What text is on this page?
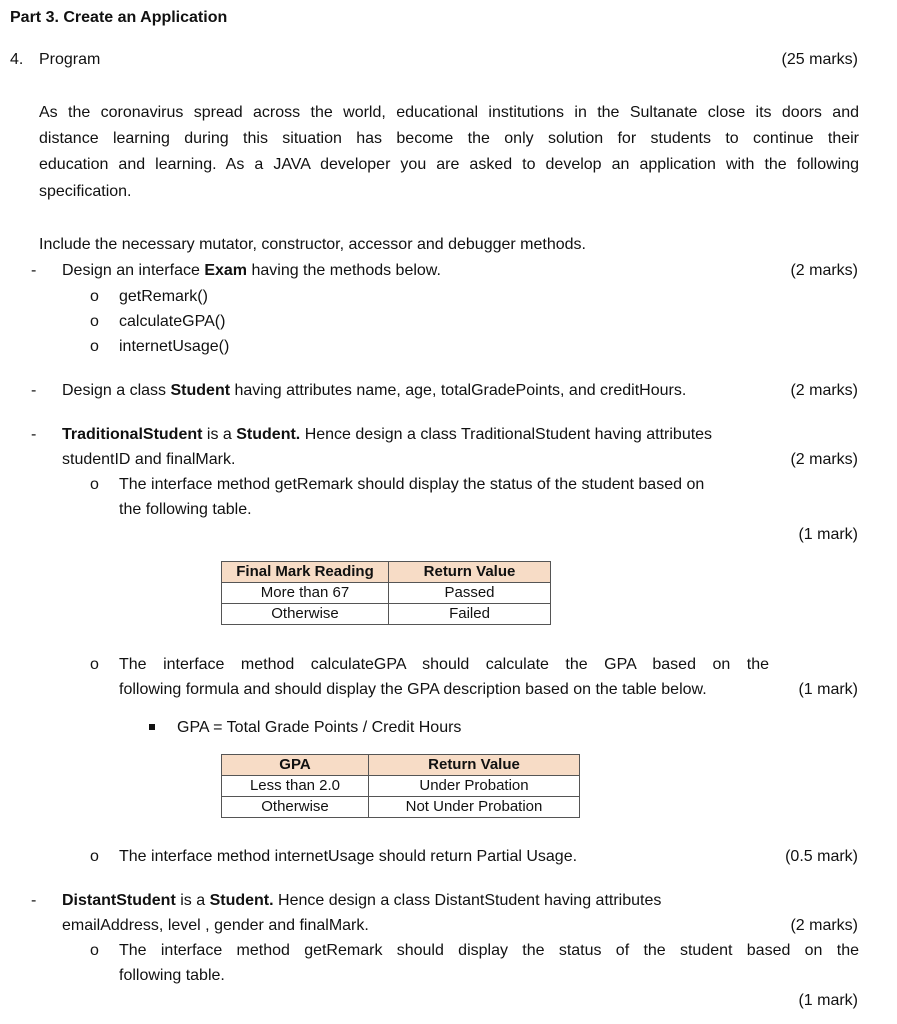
Part 3. Create an Application
4. Program	(25 marks)
As the coronavirus spread across the world, educational institutions in the Sultanate close its doors and
distance learning during this situation has become the only solution for students to continue their
education and learning. As a JAVA developer you are asked to develop an application with the following
specification.
Include the necessary mutator, constructor, accessor and debugger methods.
- Design an interface Exam having the methods below.	(2 marks)
o getRemark()
o calculateGPA()
o internetUsage()
- Design a class Student having attributes name, age, totalGradePoints, and creditHours.	(2 marks)
- TraditionalStudent is a Student. Hence design a class TraditionalStudent having attributes
studentID and finalMark.	(2 marks)
o The interface method getRemark should display the status of the student based on
the following table.
(1 mark)
Final Mark Reading	Return Value
More than 67	Passed
Otherwise	Failed
o The interface method calculateGPA should calculate the GPA based on the
following formula and should display the GPA description based on the table below.	(1 mark)
GPA = Total Grade Points / Credit Hours
GPA	Return Value
Less than 2.0	Under Probation
Otherwise	Not Under Probation
o The interface method internetUsage should return Partial Usage.	(0.5 mark)
- DistantStudent is a Student. Hence design a class DistantStudent having attributes
emailAddress, level , gender and finalMark.	(2 marks)
o The interface method getRemark should display the status of the student based on the
following table.
(1 mark)
